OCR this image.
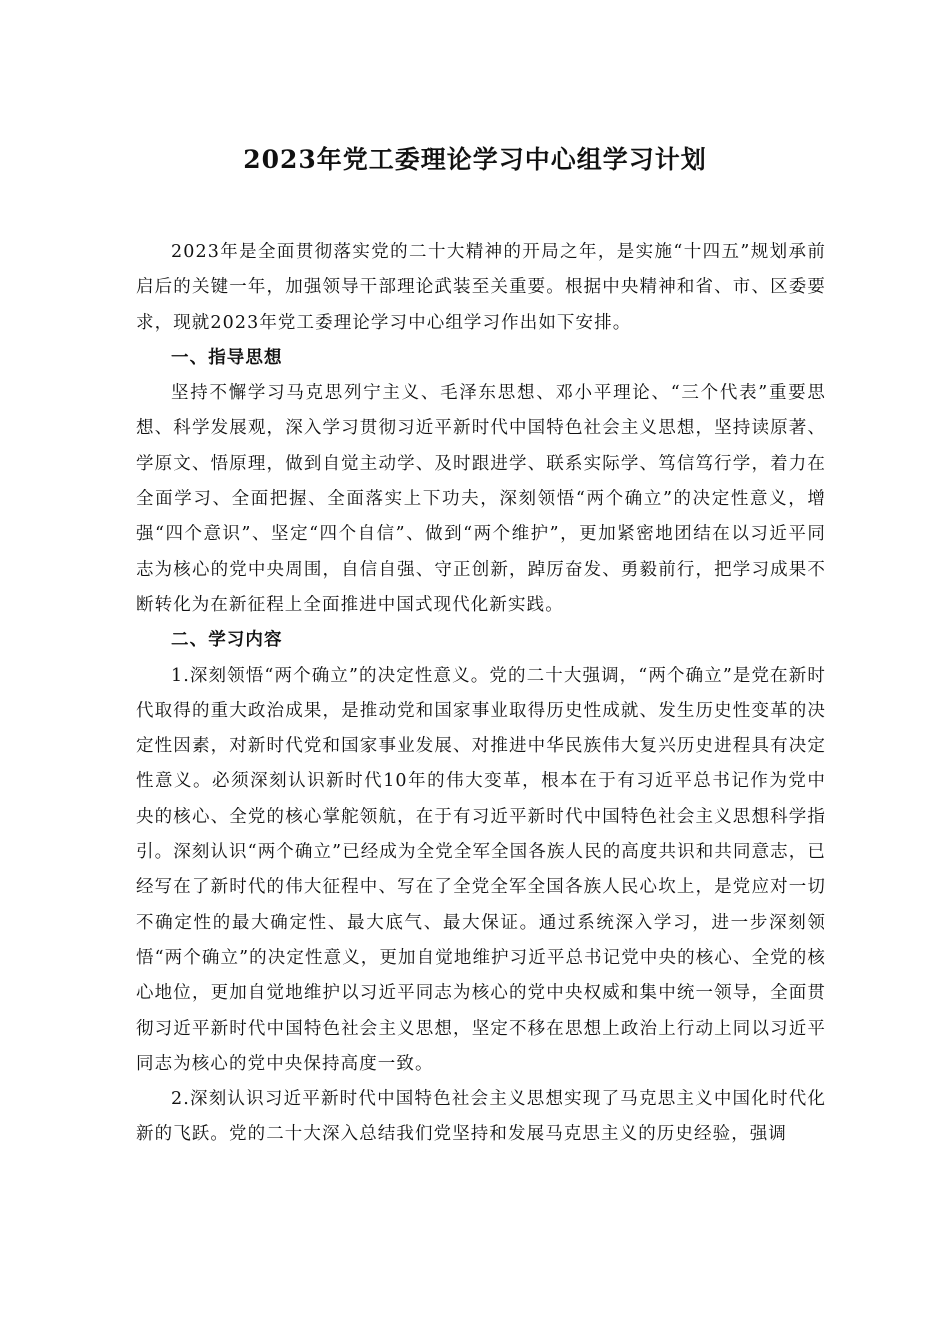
2023年党工委理论学习中心组学习计划

2023年是全面贯彻落实党的二十大精神的开局之年，是实施“十四五”规划承前启后的关键一年，加强领导干部理论武装至关重要。根据中央精神和省、市、区委要求，现就2023年党工委理论学习中心组学习作出如下安排。

一、指导思想

坚持不懈学习马克思列宁主义、毛泽东思想、邓小平理论、“三个代表”重要思想、科学发展观，深入学习贯彻习近平新时代中国特色社会主义思想，坚持读原著、学原文、悟原理，做到自觉主动学、及时跟进学、联系实际学、笃信笃行学，着力在全面学习、全面把握、全面落实上下功夫，深刻领悟“两个确立”的决定性意义，增强“四个意识”、坚定“四个自信”、做到“两个维护”，更加紧密地团结在以习近平同志为核心的党中央周围，自信自强、守正创新，踔厉奋发、勇毅前行，把学习成果不断转化为在新征程上全面推进中国式现代化新实践。

二、学习内容

1.深刻领悟“两个确立”的决定性意义。党的二十大强调，“两个确立”是党在新时代取得的重大政治成果，是推动党和国家事业取得历史性成就、发生历史性变革的决定性因素，对新时代党和国家事业发展、对推进中华民族伟大复兴历史进程具有决定性意义。必须深刻认识新时代10年的伟大变革，根本在于有习近平总书记作为党中央的核心、全党的核心掌舵领航，在于有习近平新时代中国特色社会主义思想科学指引。深刻认识“两个确立”已经成为全党全军全国各族人民的高度共识和共同意志，已经写在了新时代的伟大征程中、写在了全党全军全国各族人民心坎上，是党应对一切不确定性的最大确定性、最大底气、最大保证。通过系统深入学习，进一步深刻领悟“两个确立”的决定性意义，更加自觉地维护习近平总书记党中央的核心、全党的核心地位，更加自觉地维护以习近平同志为核心的党中央权威和集中统一领导，全面贯彻习近平新时代中国特色社会主义思想，坚定不移在思想上政治上行动上同以习近平同志为核心的党中央保持高度一致。

2.深刻认识习近平新时代中国特色社会主义思想实现了马克思主义中国化时代化新的飞跃。党的二十大深入总结我们党坚持和发展马克思主义的历史经验，强调
